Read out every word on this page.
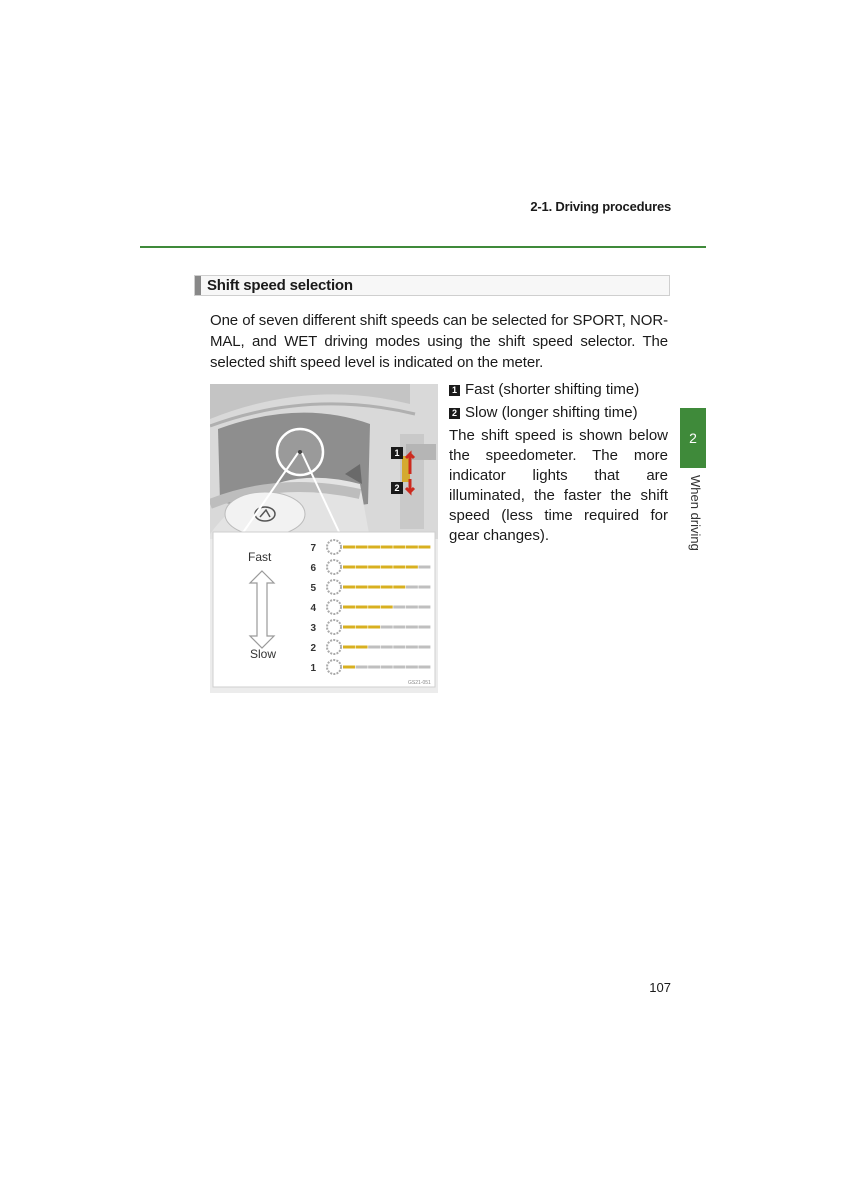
2-1. Driving procedures
Shift speed selection

One of seven different shift speeds can be selected for SPORT, NOR-MAL, and WET driving modes using the shift speed selector. The selected shift speed level is indicated on the meter.

7
6
5
4
3
2
1
1
2
Fast
Slow
GS21-051
1 Fast (shorter shifting time)
2 Slow (longer shifting time)
The shift speed is shown below the speedometer. The more indicator lights that are illuminated, the faster the shift speed (less time required for gear changes).
2
When driving
107
